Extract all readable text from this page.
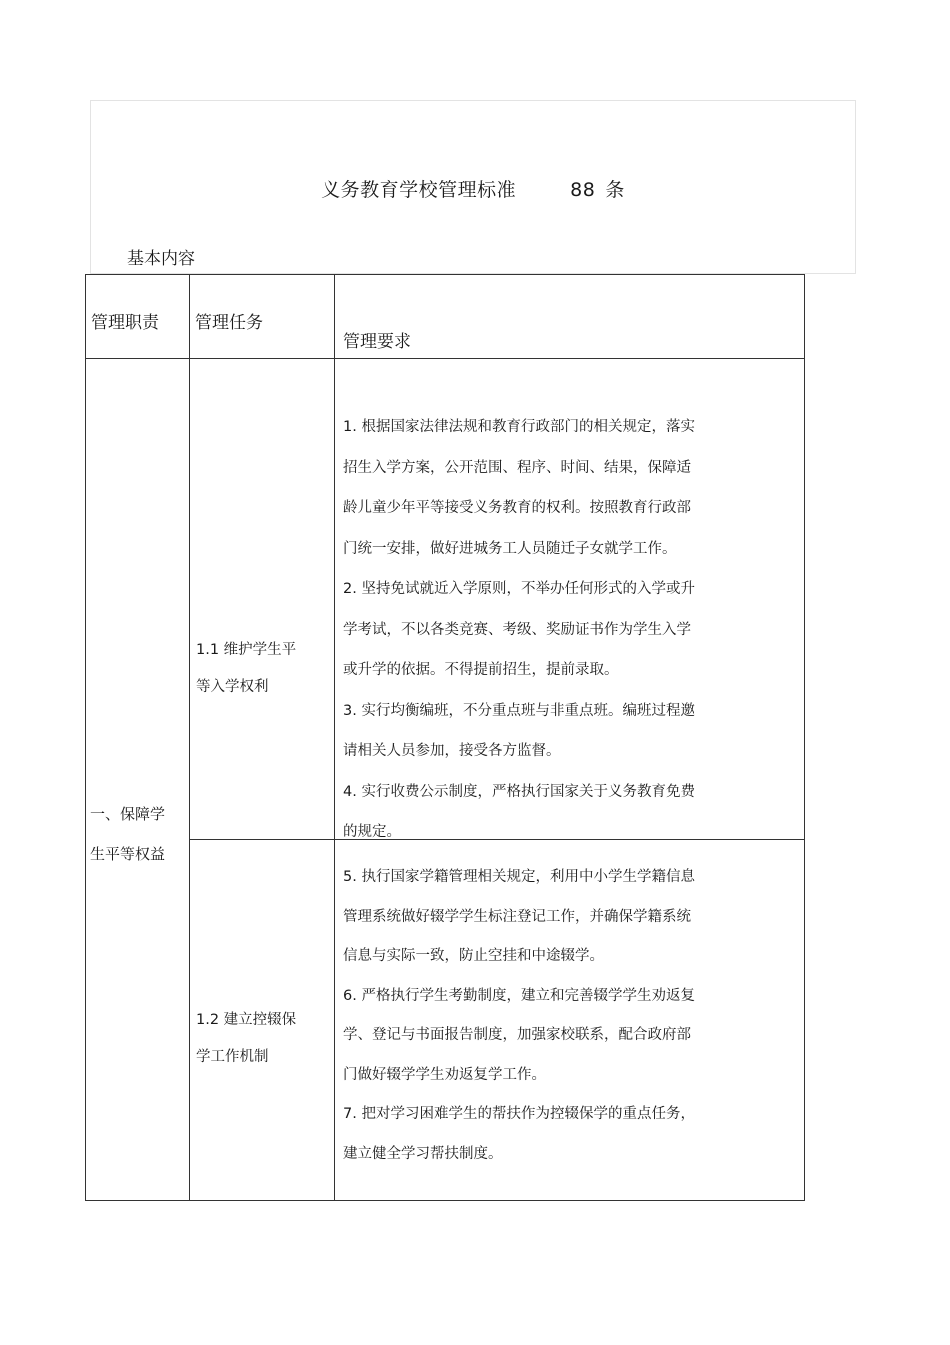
义务教育学校管理标准	88 条
基本内容
管理职责 管理任务
管理要求
一、保障学
生平等权益
1.1 维护学生平
等入学权利

1. 根据国家法律法规和教育行政部门的相关规定，落实

招生入学方案，公开范围、程序、时间、结果，保障适

龄儿童少年平等接受义务教育的权利。按照教育行政部

门统一安排，做好进城务工人员随迁子女就学工作。

2. 坚持免试就近入学原则，不举办任何形式的入学或升

学考试，不以各类竞赛、考级、奖励证书作为学生入学

或升学的依据。不得提前招生，提前录取。

3. 实行均衡编班，不分重点班与非重点班。编班过程邀

请相关人员参加，接受各方监督。

4. 实行收费公示制度，严格执行国家关于义务教育免费

的规定。

1.2 建立控辍保
学工作机制

5. 执行国家学籍管理相关规定，利用中小学生学籍信息

管理系统做好辍学学生标注登记工作，并确保学籍系统

信息与实际一致，防止空挂和中途辍学。

6. 严格执行学生考勤制度，建立和完善辍学学生劝返复

学、登记与书面报告制度，加强家校联系，配合政府部

门做好辍学学生劝返复学工作。

7. 把对学习困难学生的帮扶作为控辍保学的重点任务，

建立健全学习帮扶制度。
